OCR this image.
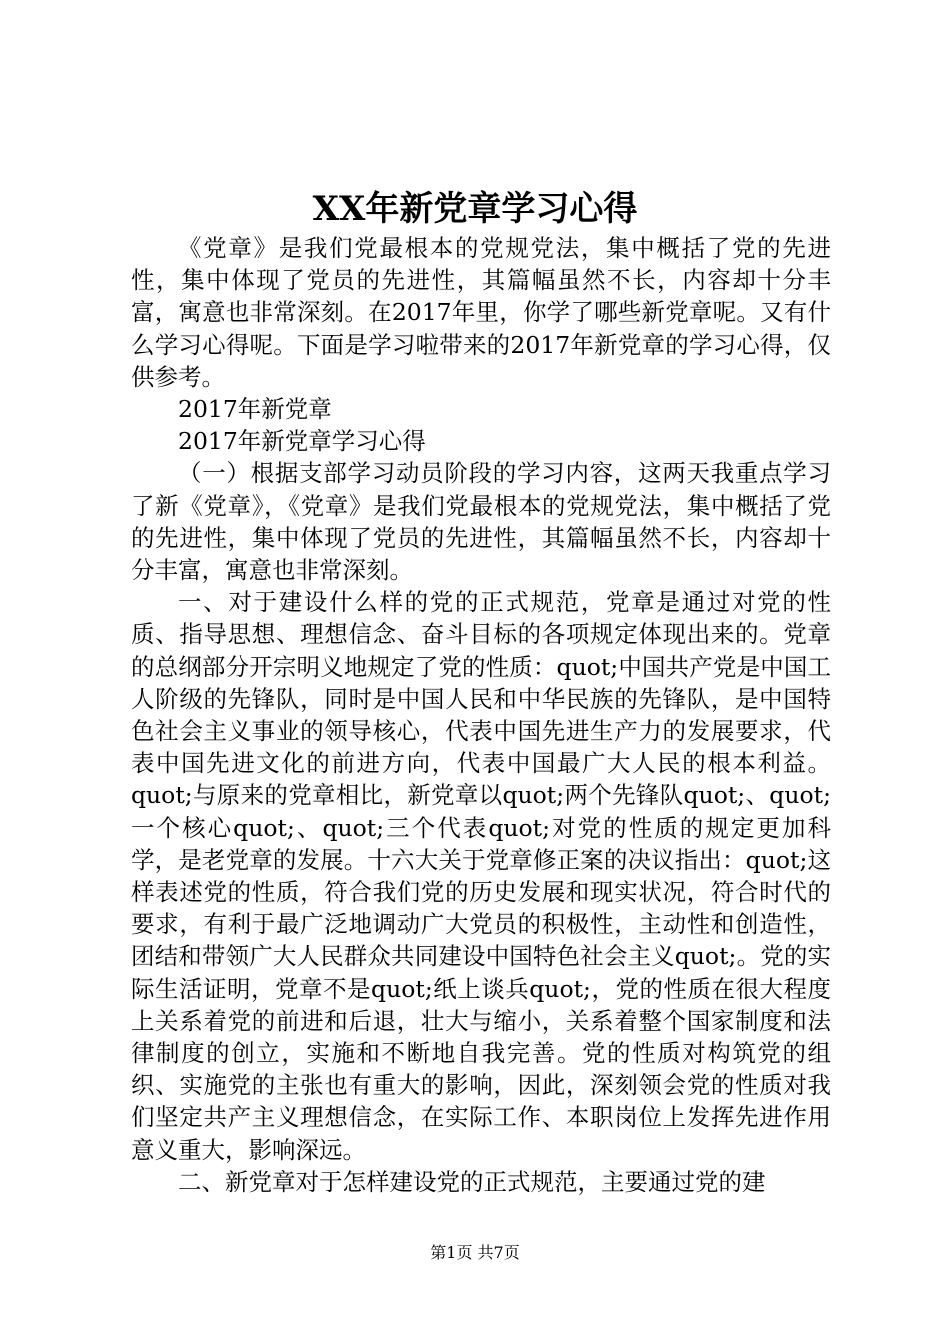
XX年新党章学习心得

《党章》是我们党最根本的党规党法，集中概括了党的先进性，集中体现了党员的先进性，其篇幅虽然不长，内容却十分丰富，寓意也非常深刻。在2017年里，你学了哪些新党章呢。又有什么学习心得呢。下面是学习啦带来的2017年新党章的学习心得，仅供参考。

2017年新党章

2017年新党章学习心得

（一）根据支部学习动员阶段的学习内容，这两天我重点学习了新《党章》，《党章》是我们党最根本的党规党法，集中概括了党的先进性，集中体现了党员的先进性，其篇幅虽然不长，内容却十分丰富，寓意也非常深刻。

一、对于建设什么样的党的正式规范，党章是通过对党的性质、指导思想、理想信念、奋斗目标的各项规定体现出来的。党章的总纲部分开宗明义地规定了党的性质：quot;中国共产党是中国工人阶级的先锋队，同时是中国人民和中华民族的先锋队，是中国特色社会主义事业的领导核心，代表中国先进生产力的发展要求，代表中国先进文化的前进方向，代表中国最广大人民的根本利益。quot;与原来的党章相比，新党章以quot;两个先锋队quot;、quot;一个核心quot;、quot;三个代表quot;对党的性质的规定更加科学，是老党章的发展。十六大关于党章修正案的决议指出：quot;这样表述党的性质，符合我们党的历史发展和现实状况，符合时代的要求，有利于最广泛地调动广大党员的积极性，主动性和创造性，团结和带领广大人民群众共同建设中国特色社会主义quot;。党的实际生活证明，党章不是quot;纸上谈兵quot;，党的性质在很大程度上关系着党的前进和后退，壮大与缩小，关系着整个国家制度和法律制度的创立，实施和不断地自我完善。党的性质对构筑党的组织、实施党的主张也有重大的影响，因此，深刻领会党的性质对我们坚定共产主义理想信念，在实际工作、本职岗位上发挥先进作用意义重大，影响深远。

二、新党章对于怎样建设党的正式规范，主要通过党的建

第1页 共7页
